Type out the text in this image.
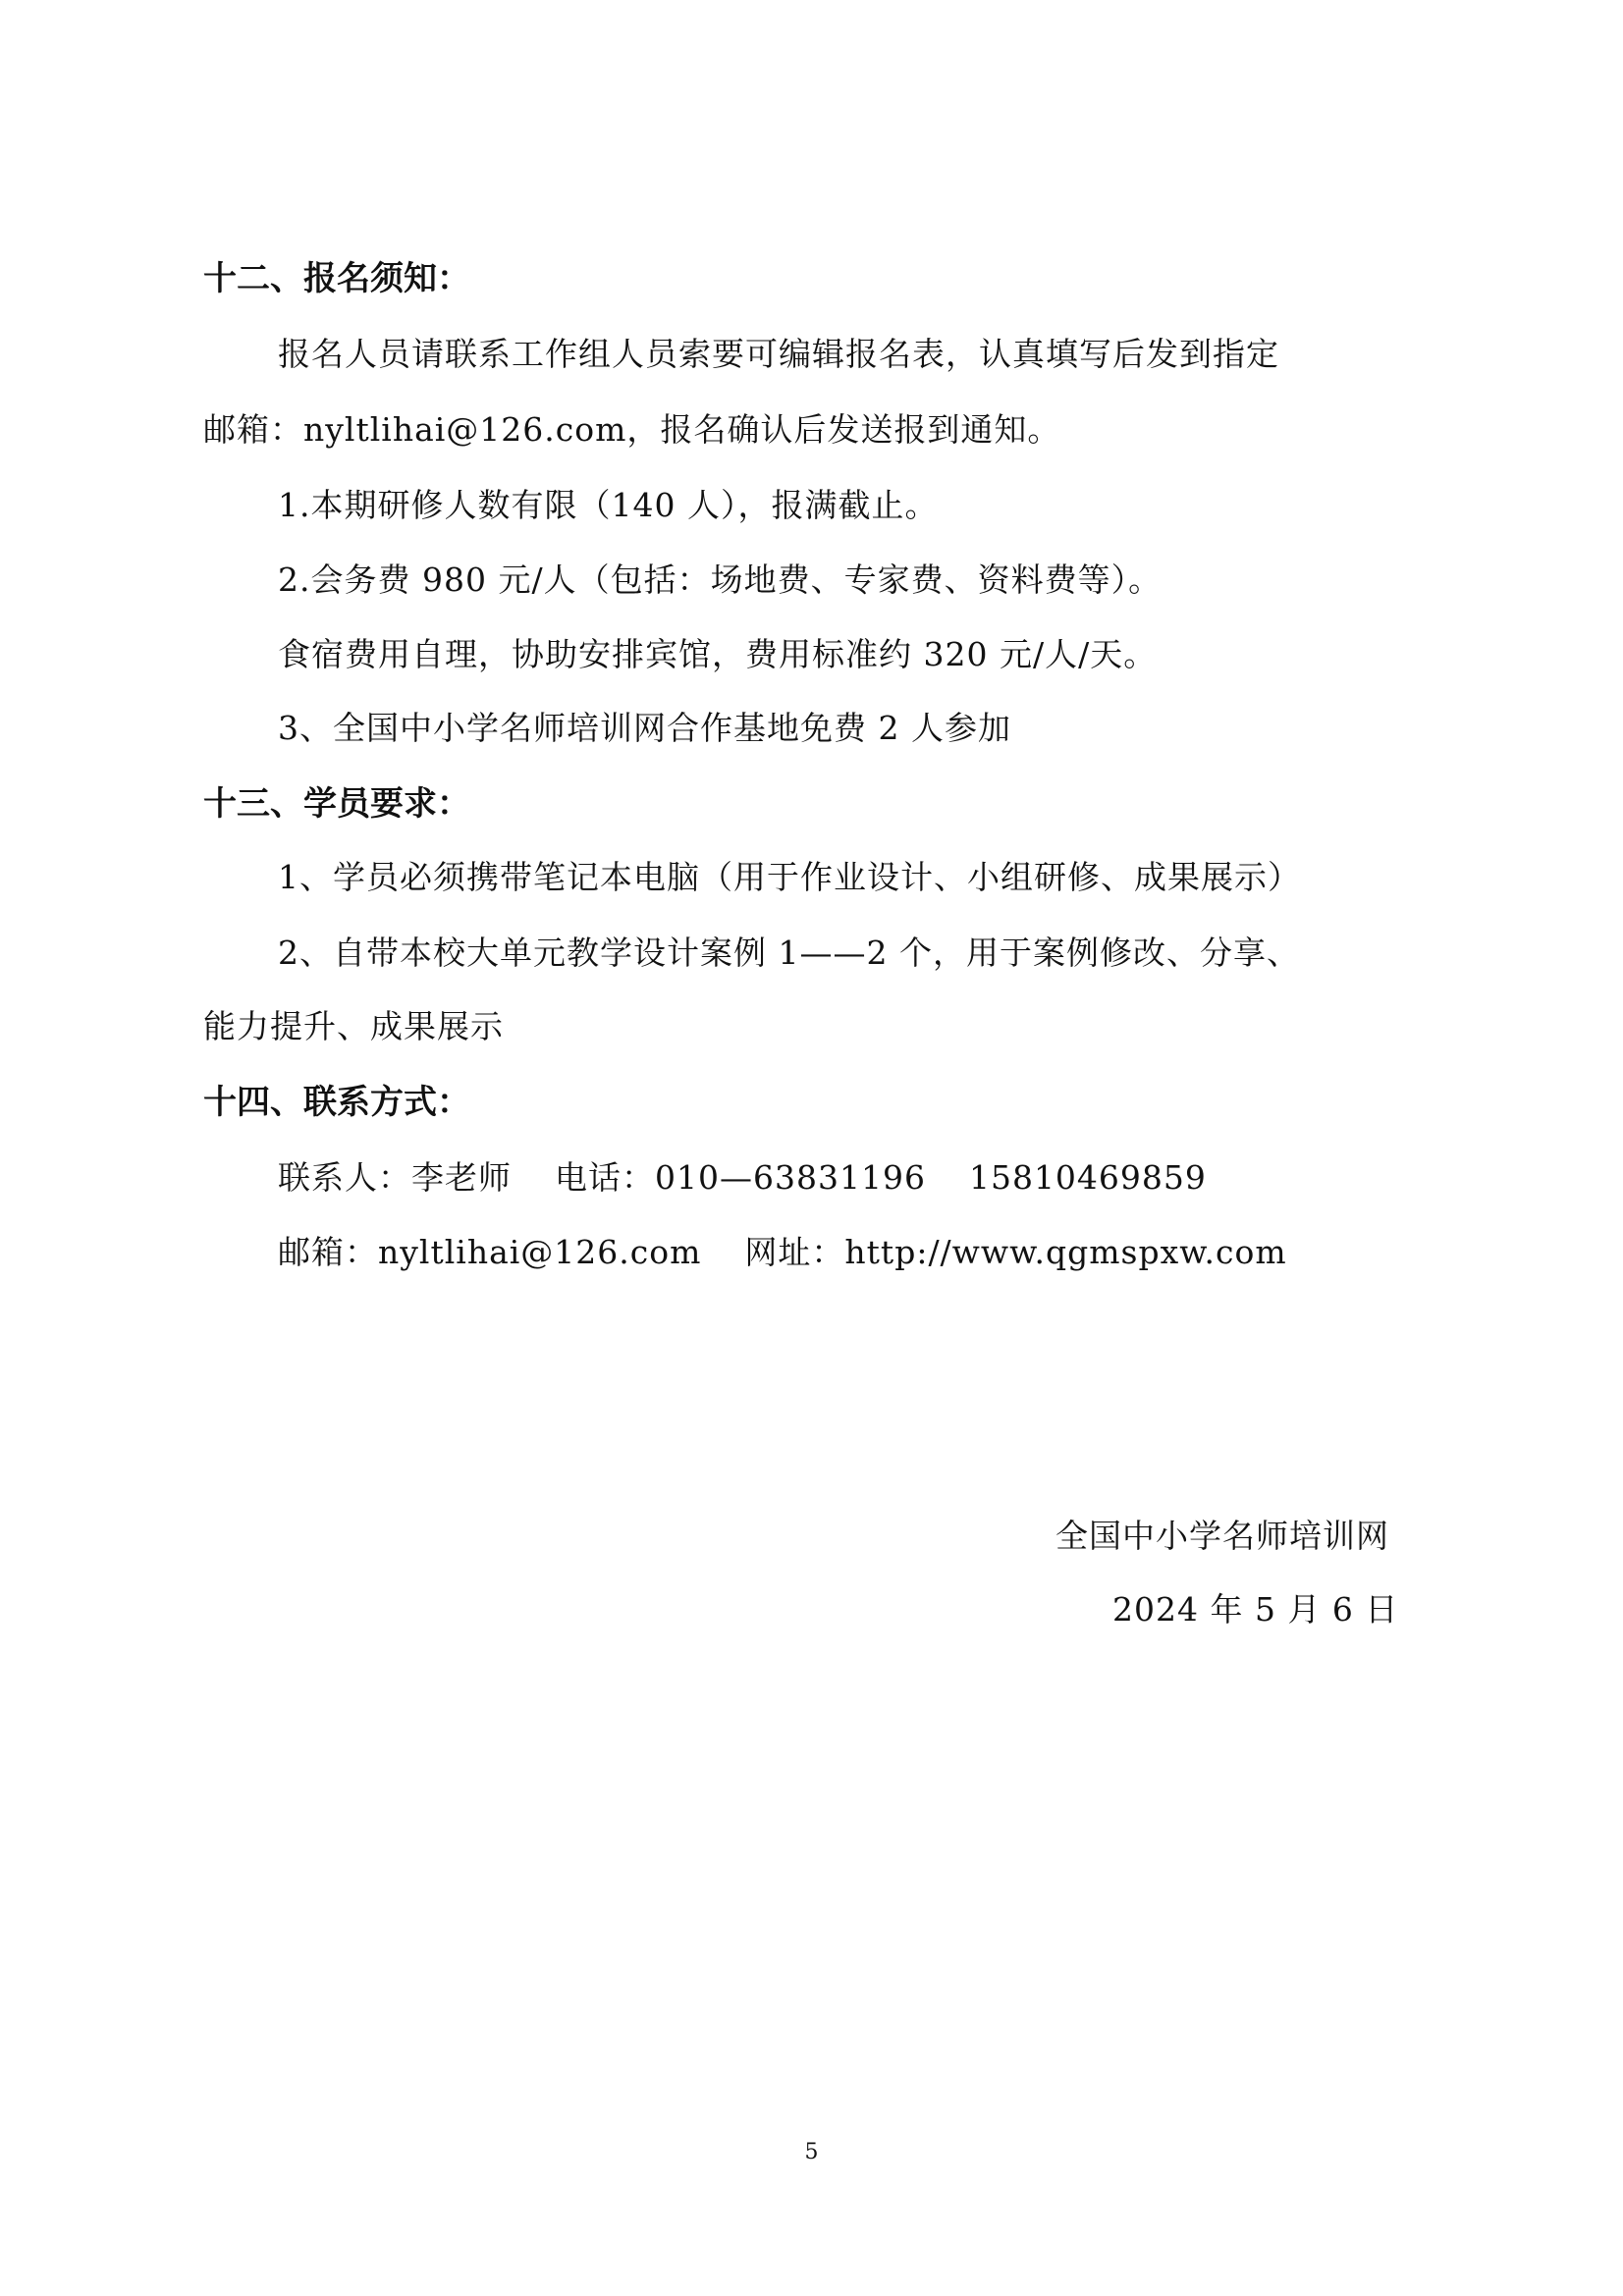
十二、报名须知：
报名人员请联系工作组人员索要可编辑报名表，认真填写后发到指定
邮箱：nyltlihai@126.com，报名确认后发送报到通知。
1.本期研修人数有限（140 人），报满截止。
2.会务费 980 元/人（包括：场地费、专家费、资料费等）。
食宿费用自理，协助安排宾馆，费用标准约 320 元/人/天。
3、全国中小学名师培训网合作基地免费 2 人参加
十三、学员要求：
1、学员必须携带笔记本电脑（用于作业设计、小组研修、成果展示）
2、自带本校大单元教学设计案例 1——2 个，用于案例修改、分享、
能力提升、成果展示
十四、联系方式：
联系人：李老师 电话：010—63831196 15810469859
邮箱：nyltlihai@126.com 网址：http://www.qgmspxw.com
全国中小学名师培训网
2024 年 5 月 6 日
5
